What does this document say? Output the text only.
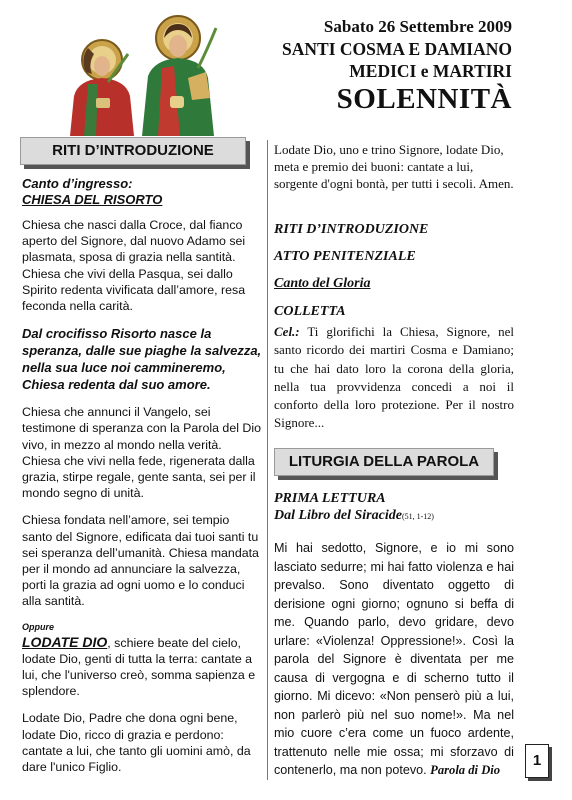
Sabato 26 Settembre 2009
SANTI COSMA E DAMIANO
MEDICI e MARTIRI
SOLENNITÀ
RITI D’INTRODUZIONE
LITURGIA DELLA PAROLA
Canto d’ingresso:
CHIESA DEL RISORTO

Chiesa che nasci dalla Croce, dal fianco aperto del Signore, dal nuovo Adamo sei plasmata, sposa di grazia nella santità. Chiesa che vivi della Pasqua, sei dallo Spirito redenta vivificata dall’amore, resa feconda nella carità.

Dal crocifisso Risorto nasce la speranza, dalle sue piaghe la salvezza, nella sua luce noi cammineremo, Chiesa redenta dal suo amore.

Chiesa che annunci il Vangelo, sei testimone di speranza con la Parola del Dio vivo, in mezzo al mondo nella verità. Chiesa che vivi nella fede, rigenerata dalla grazia, stirpe regale, gente santa, sei per il mondo segno di unità.

Chiesa fondata nell’amore, sei tempio santo del Signore, edificata dai tuoi santi tu sei speranza dell’umanità. Chiesa mandata per il mondo ad annunciare la salvezza, porti la grazia ad ogni uomo e lo conduci alla santità.

Oppure

LODATE DIO, schiere beate del cielo, lodate Dio, genti di tutta la terra: cantate a lui, che l'universo creò, somma sapienza e splendore.

Lodate Dio, Padre che dona ogni bene, lodate Dio, ricco di grazia e perdono: cantate a lui, che tanto gli uomini amò, da dare l'unico Figlio.

Lodate Dio, uno e trino Signore, lodate Dio, meta e premio dei buoni: cantate a lui, sorgente d'ogni bontà, per tutti i secoli. Amen.
RITI D’INTRODUZIONE
ATTO PENITENZIALE
Canto del Gloria
COLLETTA
Cel.: Ti glorifichi la Chiesa, Signore, nel santo ricordo dei martiri Cosma e Damiano; tu che hai dato loro la corona della gloria, nella tua provvidenza concedi a noi il conforto della loro protezione. Per il nostro Signore...
PRIMA LETTURA
Dal Libro del Siracide(51, 1-12)
Mi hai sedotto, Signore, e io mi sono lasciato sedurre; mi hai fatto violenza e hai prevalso. Sono diventato oggetto di derisione ogni giorno; ognuno si beffa di me. Quando parlo, devo gridare, devo urlare: «Violenza! Oppressione!». Così la parola del Signore è diventata per me causa di vergogna e di scherno tutto il giorno. Mi dicevo: «Non penserò più a lui, non parlerò più nel suo nome!». Ma nel mio cuore c’era come un fuoco ardente, trattenuto nelle mie ossa; mi sforzavo di contenerlo, ma non potevo. Parola di Dio
1
